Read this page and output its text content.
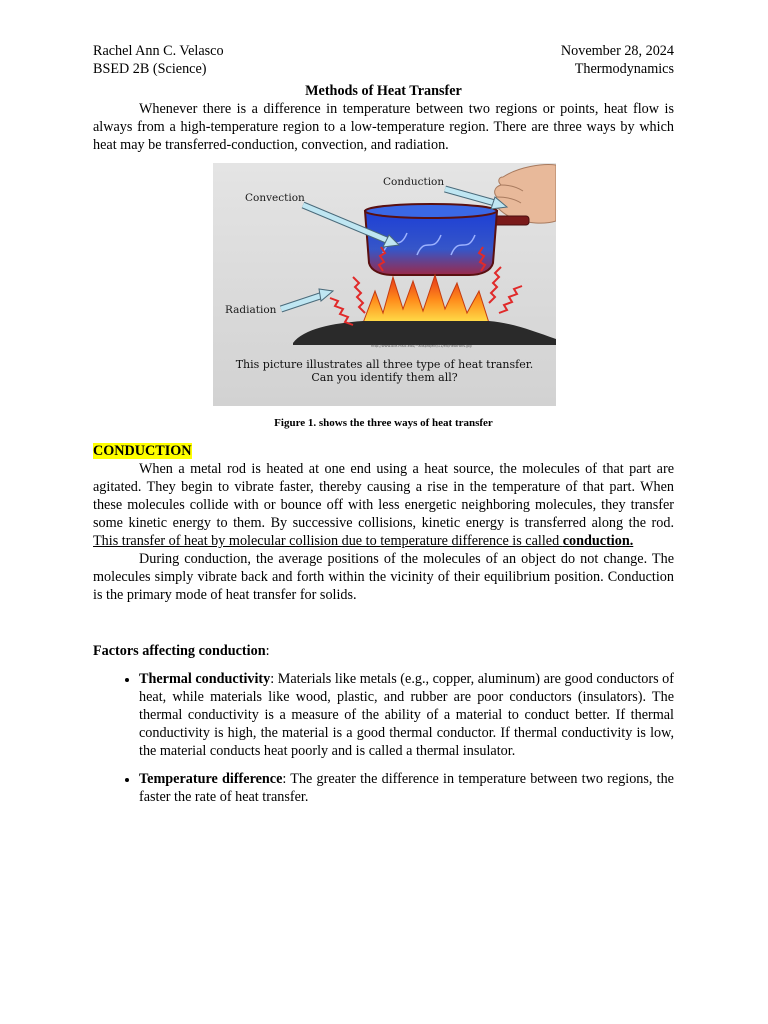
Rachel Ann C. Velasco	November 28, 2024
BSED 2B (Science)	Thermodynamics
Methods of Heat Transfer

Whenever there is a difference in temperature between two regions or points, heat flow is always from a high-temperature region to a low-temperature region. There are three ways by which heat may be transferred-conduction, convection, and radiation.

Conduction
Convection
Radiation
http://www.oce.msic.edu/~adsproject/11/ed/Heatrans.jpg
This picture illustrates all three type of heat transfer.
Can you identify them all?
Figure 1. shows the three ways of heat transfer
CONDUCTION

When a metal rod is heated at one end using a heat source, the molecules of that part are agitated. They begin to vibrate faster, thereby causing a rise in the temperature of that part. When these molecules collide with or bounce off with less energetic neighboring molecules, they transfer some kinetic energy to them. By successive collisions, kinetic energy is transferred along the rod. This transfer of heat by molecular collision due to temperature difference is called conduction.

During conduction, the average positions of the molecules of an object do not change. The molecules simply vibrate back and forth within the vicinity of their equilibrium position. Conduction is the primary mode of heat transfer for solids.

Factors affecting conduction:
• Thermal conductivity: Materials like metals (e.g., copper, aluminum) are good conductors of heat, while materials like wood, plastic, and rubber are poor conductors (insulators). The thermal conductivity is a measure of the ability of a material to conduct better. If thermal conductivity is high, the material is a good thermal conductor. If thermal conductivity is low, the material conducts heat poorly and is called a thermal insulator.
• Temperature difference: The greater the difference in temperature between two regions, the faster the rate of heat transfer.
